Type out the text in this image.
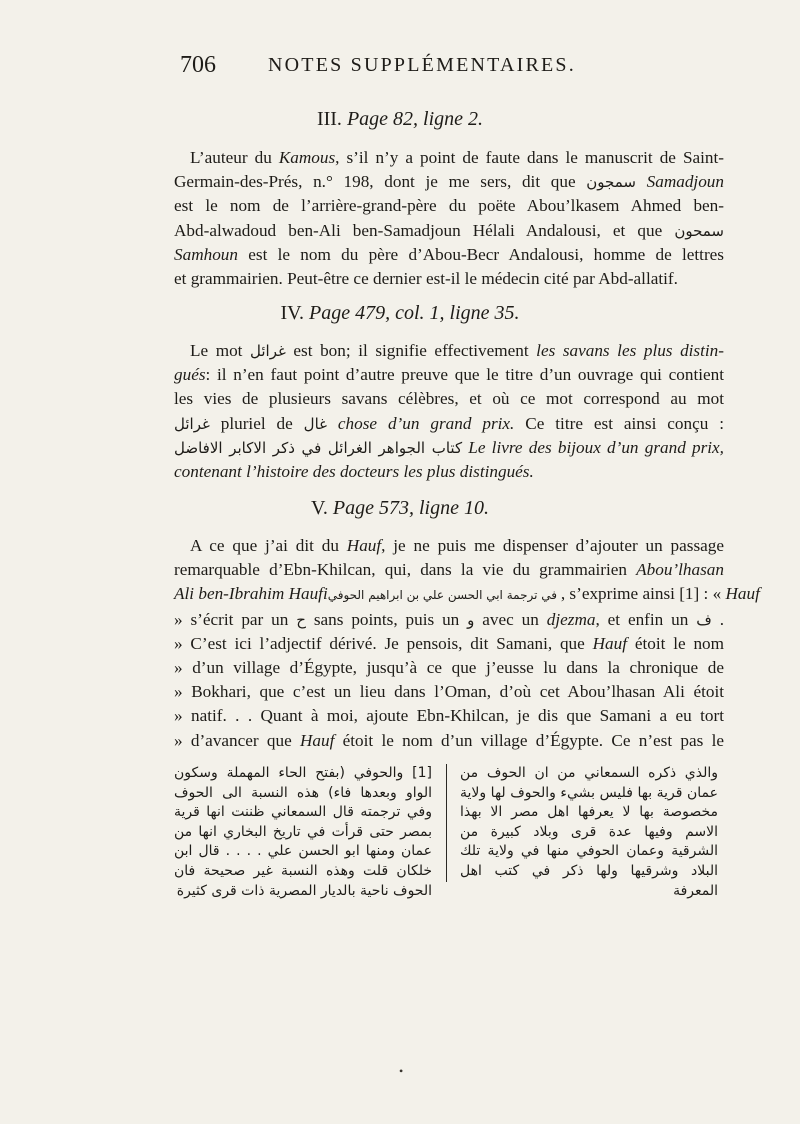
706	NOTES SUPPLÉMENTAIRES.
III. Page 82, ligne 2.
L’auteur du Kamous, s’il n’y a point de faute dans le manuscrit de Saint-
Germain-des-Prés, n.° 198, dont je me sers, dit que سمجون Samadjoun
est le nom de l’arrière-grand-père du poëte Abou’lkasem Ahmed ben-
Abd-alwadoud ben-Ali ben-Samadjoun Hélali Andalousi, et que سمحون
Samhoun est le nom du père d’Abou-Becr Andalousi, homme de lettres
et grammairien. Peut-être ce dernier est-il le médecin cité par Abd-allatif.
IV. Page 479, col. 1, ligne 35.
Le mot غرائل est bon; il signifie effectivement les savans les plus distin-
gués: il n’en faut point d’autre preuve que le titre d’un ouvrage qui contient
les vies de plusieurs savans célèbres, et où ce mot correspond au mot
غرائل pluriel de غال chose d’un grand prix. Ce titre est ainsi conçu :
كتاب الجواهر الغرائل في ذكر الاكابر الافاضل Le livre des bijoux d’un grand prix,
contenant l’histoire des docteurs les plus distingués.
V. Page 573, ligne 10.
A ce que j’ai dit du Hauf, je ne puis me dispenser d’ajouter un passage
remarquable d’Ebn-Khilcan, qui, dans la vie du grammairien Abou’lhasan
Ali ben-Ibrahim Haufi في ترجمة ابي الحسن علي بن ابراهيم الحوفي, s’exprime ainsi [1] : « Hauf
» s’écrit par un ح sans points, puis un و avec un djezma, et enfin un ف .
» C’est ici l’adjectif dérivé. Je pensois, dit Samani, que Hauf étoit le nom
» d’un village d’Égypte, jusqu’à ce que j’eusse lu dans la chronique de
» Bokhari, que c’est un lieu dans l’Oman, d’où cet Abou’lhasan Ali étoit
» natif. . . Quant à moi, ajoute Ebn-Khilcan, je dis que Samani a eu tort
» d’avancer que Hauf étoit le nom d’un village d’Égypte. Ce n’est pas le

[1] والحوفي (بفتح الحاء المهملة وسكون الواو وبعدها فاء) هذه النسبة الى الحوف وفي ترجمته قال السمعاني ظننت انها قرية بمصر حتى قرأت في تاريخ البخاري انها من عمان ومنها ابو الحسن علي . . . . قال ابن خلكان قلت وهذه النسبة غير صحيحة فان الحوف ناحية بالديار المصرية ذات قرى كثيرة

والذي ذكره السمعاني من ان الحوف من عمان قرية بها فليس بشيء والحوف لها ولاية مخصوصة بها لا يعرفها اهل مصر الا بهذا الاسم وفيها عدة قرى وبلاد كبيرة من الشرقية وعمان الحوفي منها في ولاية تلك البلاد وشرقيها ولها ذكر في كتب اهل المعرفة

•
